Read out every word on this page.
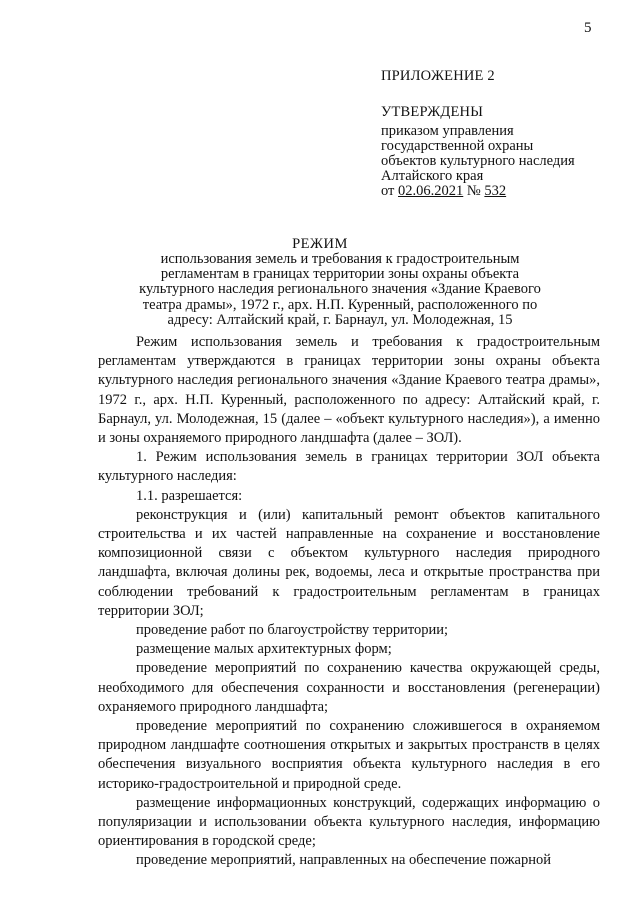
5
ПРИЛОЖЕНИЕ 2
УТВЕРЖДЕНЫ
приказом управления
государственной охраны
объектов культурного наследия
Алтайского края
от 02.06.2021 № 532
РЕЖИМ
использования земель и требования к градостроительным регламентам в границах территории зоны охраны объекта культурного наследия регионального значения «Здание Краевого театра драмы», 1972 г., арх. Н.П. Куренный, расположенного по адресу: Алтайский край, г. Барнаул, ул. Молодежная, 15

Режим использования земель и требования к градостроительным регламентам утверждаются в границах территории зоны охраны объекта культурного наследия регионального значения «Здание Краевого театра драмы», 1972 г., арх. Н.П. Куренный, расположенного по адресу: Алтайский край, г. Барнаул, ул. Молодежная, 15 (далее – «объект культурного наследия»), а именно и зоны охраняемого природного ландшафта (далее – ЗОЛ).

1. Режим использования земель в границах территории ЗОЛ объекта культурного наследия:

1.1. разрешается:

реконструкция и (или) капитальный ремонт объектов капитального строительства и их частей направленные на сохранение и восстановление композиционной связи с объектом культурного наследия природного ландшафта, включая долины рек, водоемы, леса и открытые пространства при соблюдении требований к градостроительным регламентам в границах территории ЗОЛ;

проведение работ по благоустройству территории;

размещение малых архитектурных форм;

проведение мероприятий по сохранению качества окружающей среды, необходимого для обеспечения сохранности и восстановления (регенерации) охраняемого природного ландшафта;

проведение мероприятий по сохранению сложившегося в охраняемом природном ландшафте соотношения открытых и закрытых пространств в целях обеспечения визуального восприятия объекта культурного наследия в его историко-градостроительной и природной среде.

размещение информационных конструкций, содержащих информацию о популяризации и использовании объекта культурного наследия, информацию ориентирования в городской среде;

проведение мероприятий, направленных на обеспечение пожарной
